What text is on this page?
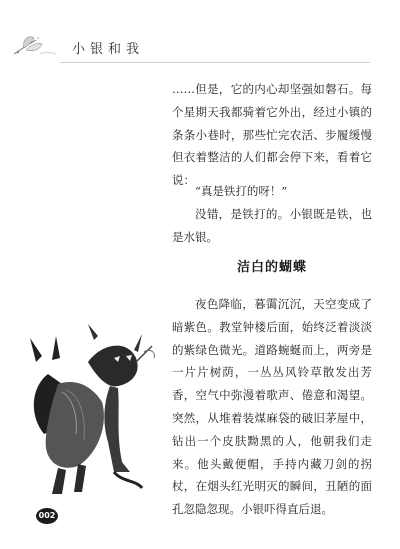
小银和我

……但是，它的内心却坚强如磐石。每个星期天我都骑着它外出，经过小镇的条条小巷时，那些忙完农活、步履缓慢但衣着整洁的人们都会停下来，看着它说：

“真是铁打的呀！”

没错，是铁打的。小银既是铁，也是水银。

洁白的蝴蝶

夜色降临，暮霭沉沉，天空变成了暗紫色。教堂钟楼后面，始终泛着淡淡的紫绿色微光。道路蜿蜒而上，两旁是一片片树荫，一丛丛风铃草散发出芳香，空气中弥漫着歌声、倦意和渴望。突然，从堆着装煤麻袋的破旧茅屋中，钻出一个皮肤黝黑的人，他朝我们走来。他头戴便帽，手持内藏刀剑的拐杖，在烟头红光明灭的瞬间，丑陋的面孔忽隐忽现。小银吓得直后退。

002
